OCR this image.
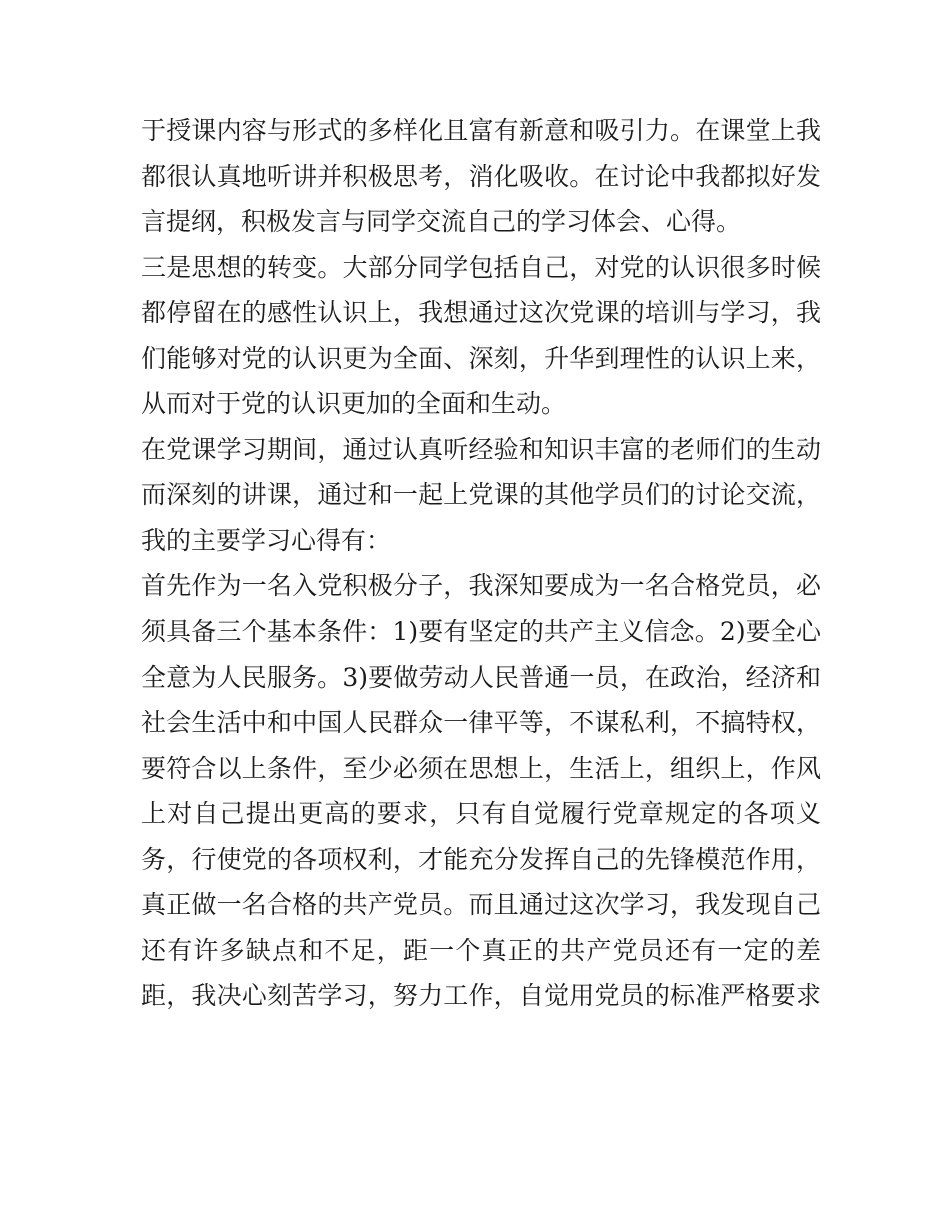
于授课内容与形式的多样化且富有新意和吸引力。在课堂上我
都很认真地听讲并积极思考，消化吸收。在讨论中我都拟好发
言提纲，积极发言与同学交流自己的学习体会、心得。
三是思想的转变。大部分同学包括自己，对党的认识很多时候
都停留在的感性认识上，我想通过这次党课的培训与学习，我
们能够对党的认识更为全面、深刻，升华到理性的认识上来，
从而对于党的认识更加的全面和生动。
在党课学习期间，通过认真听经验和知识丰富的老师们的生动
而深刻的讲课，通过和一起上党课的其他学员们的讨论交流，
我的主要学习心得有：
首先作为一名入党积极分子，我深知要成为一名合格党员，必
须具备三个基本条件：1)要有坚定的共产主义信念。2)要全心
全意为人民服务。3)要做劳动人民普通一员，在政治，经济和
社会生活中和中国人民群众一律平等，不谋私利，不搞特权，
要符合以上条件，至少必须在思想上，生活上，组织上，作风
上对自己提出更高的要求，只有自觉履行党章规定的各项义
务，行使党的各项权利，才能充分发挥自己的先锋模范作用，
真正做一名合格的共产党员。而且通过这次学习，我发现自己
还有许多缺点和不足，距一个真正的共产党员还有一定的差
距，我决心刻苦学习，努力工作，自觉用党员的标准严格要求
